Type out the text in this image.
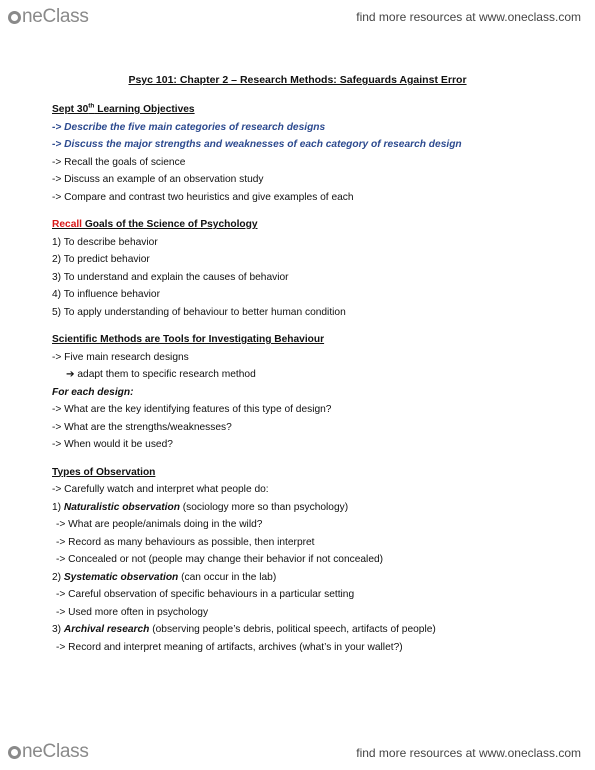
neClass	find more resources at www.oneclass.com
Psyc 101: Chapter 2 – Research Methods: Safeguards Against Error
Sept 30th Learning Objectives
-> Describe the five main categories of research designs
-> Discuss the major strengths and weaknesses of each category of research design
-> Recall the goals of science
-> Discuss an example of an observation study
-> Compare and contrast two heuristics and give examples of each
Recall Goals of the Science of Psychology
1) To describe behavior
2) To predict behavior
3) To understand and explain the causes of behavior
4) To influence behavior
5) To apply understanding of behaviour to better human condition
Scientific Methods are Tools for Investigating Behaviour
-> Five main research designs
➔ adapt them to specific research method
For each design:
-> What are the key identifying features of this type of design?
-> What are the strengths/weaknesses?
-> When would it be used?
Types of Observation
-> Carefully watch and interpret what people do:
1) Naturalistic observation (sociology more so than psychology)
-> What are people/animals doing in the wild?
-> Record as many behaviours as possible, then interpret
-> Concealed or not (people may change their behavior if not concealed)
2) Systematic observation (can occur in the lab)
-> Careful observation of specific behaviours in a particular setting
-> Used more often in psychology
3) Archival research (observing people’s debris, political speech, artifacts of people)
-> Record and interpret meaning of artifacts, archives (what’s in your wallet?)
neClass	find more resources at www.oneclass.com
